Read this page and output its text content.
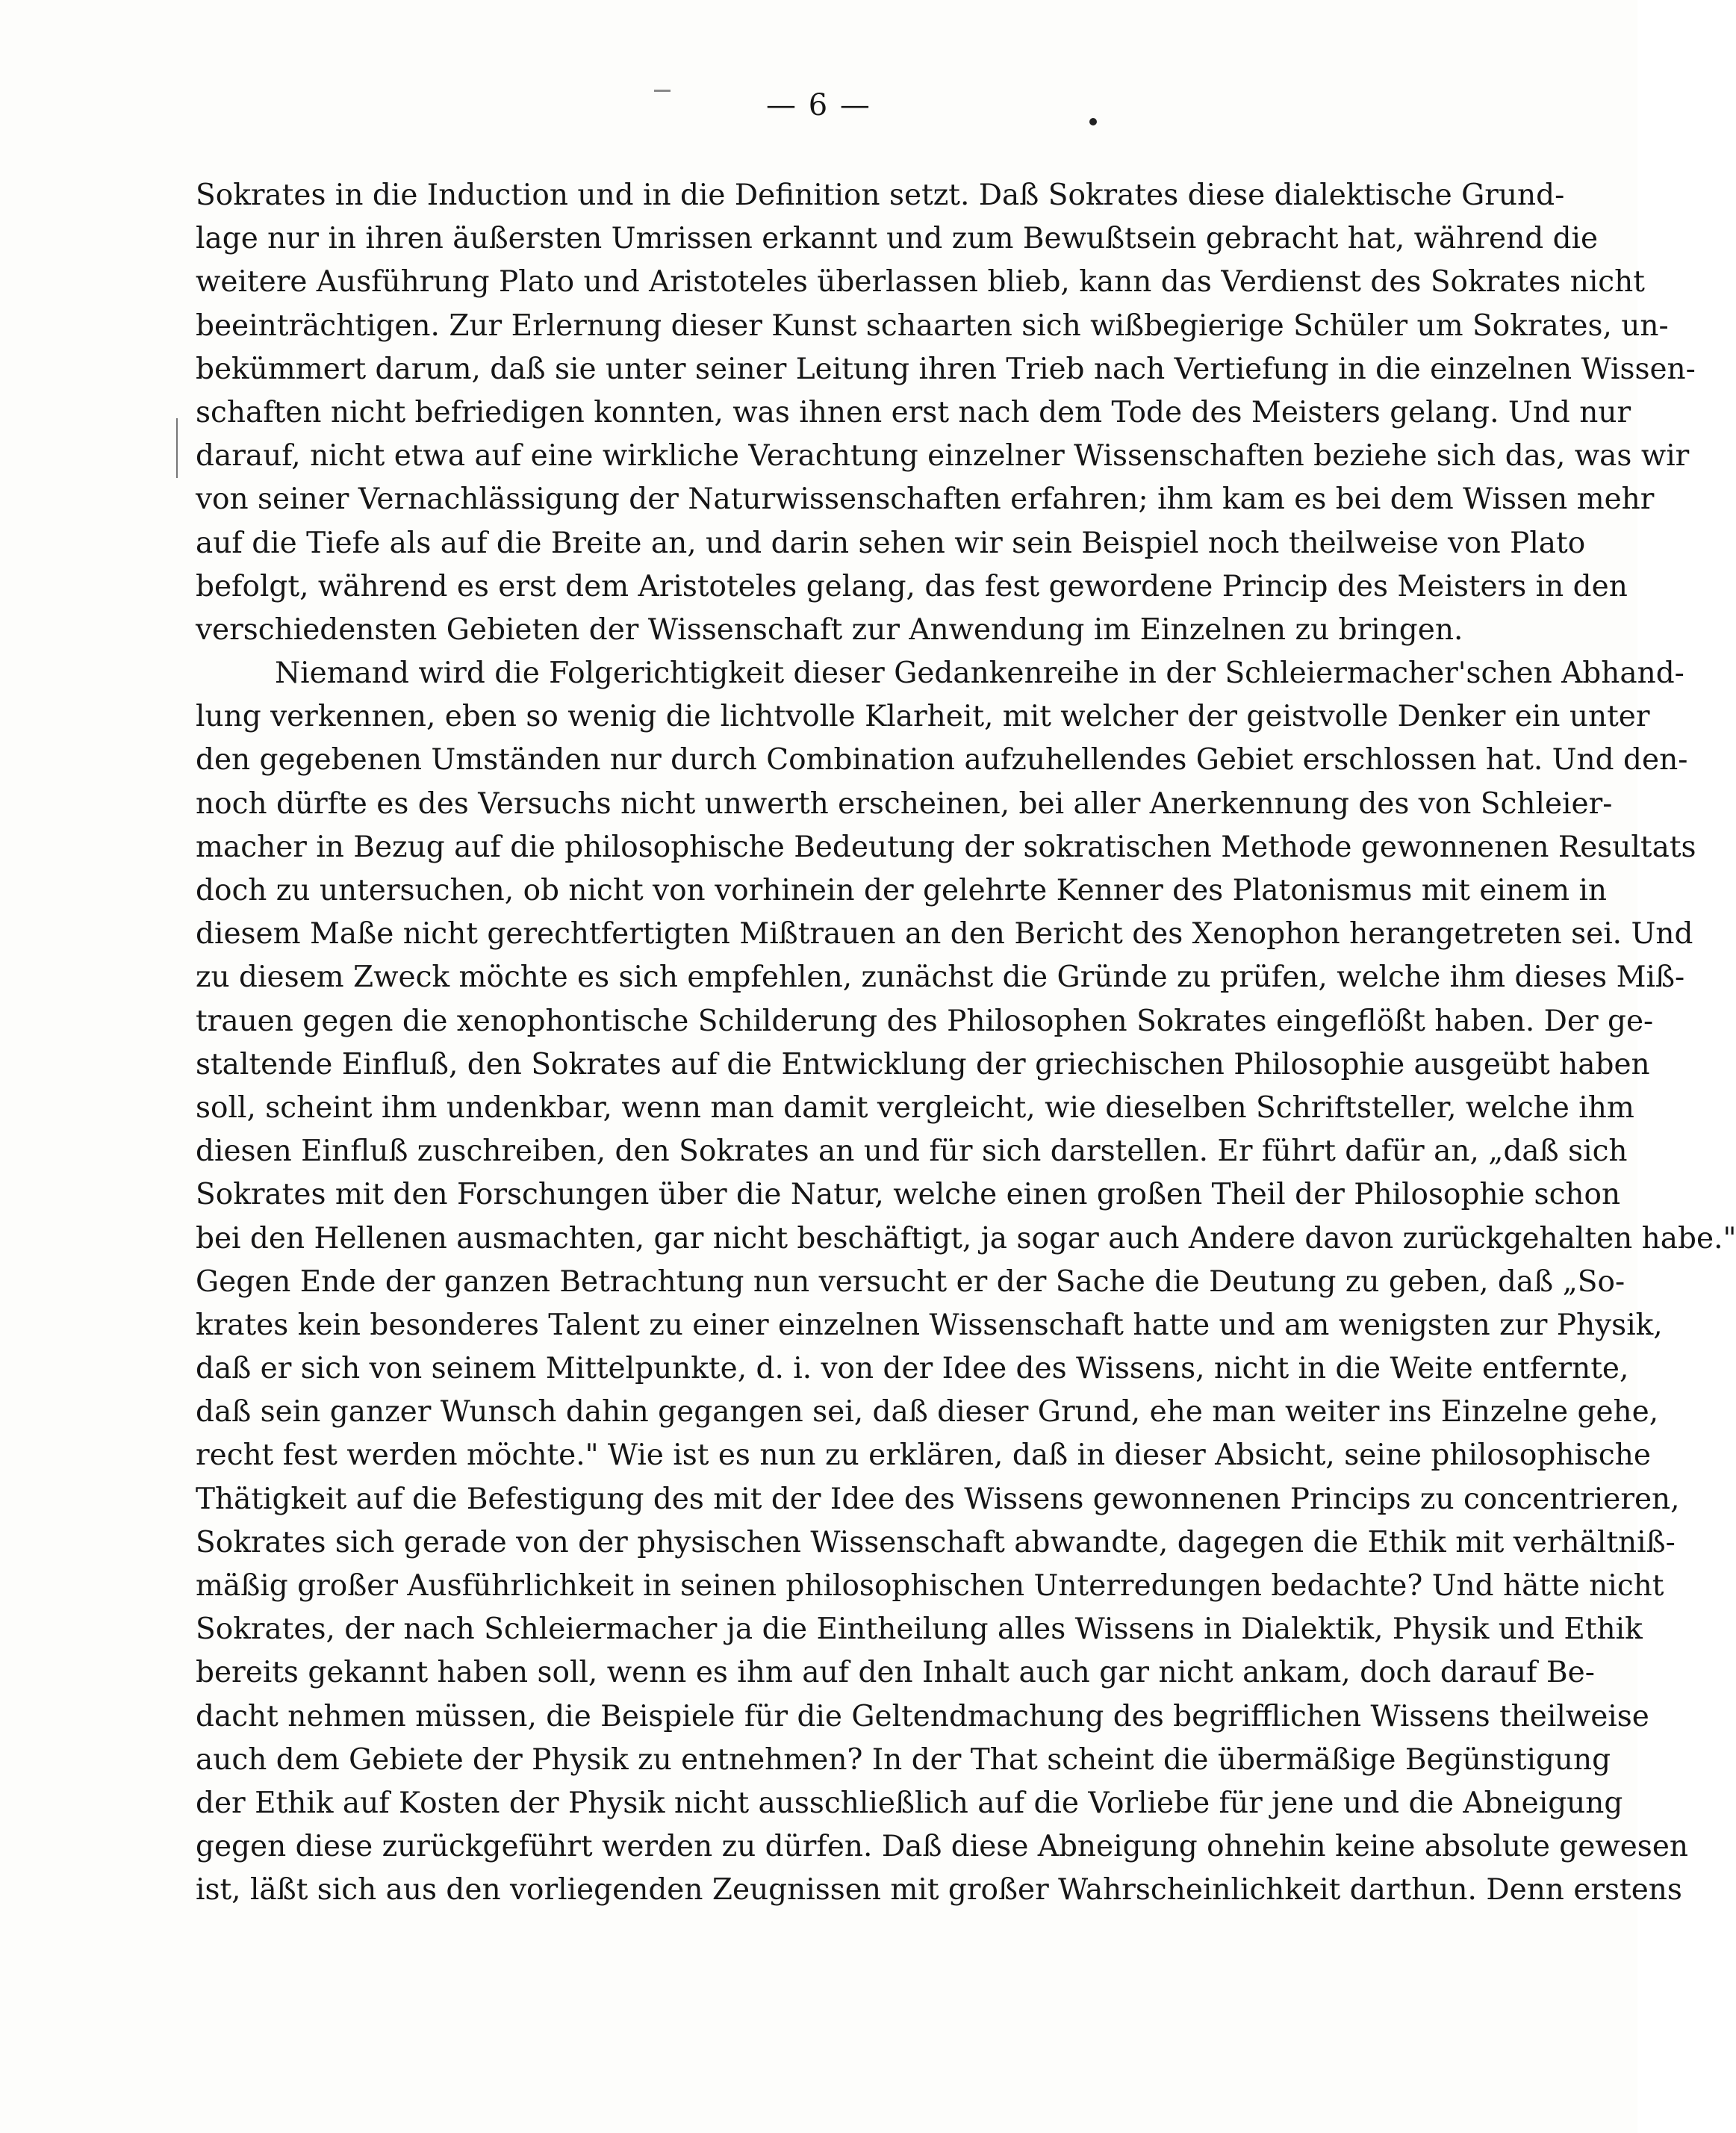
— 6 —
Sokrates in die Induction und in die Definition setzt. Daß Sokrates diese dialektische Grund-
lage nur in ihren äußersten Umrissen erkannt und zum Bewußtsein gebracht hat, während die
weitere Ausführung Plato und Aristoteles überlassen blieb, kann das Verdienst des Sokrates nicht
beeinträchtigen. Zur Erlernung dieser Kunst schaarten sich wißbegierige Schüler um Sokrates, un-
bekümmert darum, daß sie unter seiner Leitung ihren Trieb nach Vertiefung in die einzelnen Wissen-
schaften nicht befriedigen konnten, was ihnen erst nach dem Tode des Meisters gelang. Und nur
darauf, nicht etwa auf eine wirkliche Verachtung einzelner Wissenschaften beziehe sich das, was wir
von seiner Vernachlässigung der Naturwissenschaften erfahren; ihm kam es bei dem Wissen mehr
auf die Tiefe als auf die Breite an, und darin sehen wir sein Beispiel noch theilweise von Plato
befolgt, während es erst dem Aristoteles gelang, das fest gewordene Princip des Meisters in den
verschiedensten Gebieten der Wissenschaft zur Anwendung im Einzelnen zu bringen.
Niemand wird die Folgerichtigkeit dieser Gedankenreihe in der Schleiermacher'schen Abhand-
lung verkennen, eben so wenig die lichtvolle Klarheit, mit welcher der geistvolle Denker ein unter
den gegebenen Umständen nur durch Combination aufzuhellendes Gebiet erschlossen hat. Und den-
noch dürfte es des Versuchs nicht unwerth erscheinen, bei aller Anerkennung des von Schleier-
macher in Bezug auf die philosophische Bedeutung der sokratischen Methode gewonnenen Resultats
doch zu untersuchen, ob nicht von vorhinein der gelehrte Kenner des Platonismus mit einem in
diesem Maße nicht gerechtfertigten Mißtrauen an den Bericht des Xenophon herangetreten sei. Und
zu diesem Zweck möchte es sich empfehlen, zunächst die Gründe zu prüfen, welche ihm dieses Miß-
trauen gegen die xenophontische Schilderung des Philosophen Sokrates eingeflößt haben. Der ge-
staltende Einfluß, den Sokrates auf die Entwicklung der griechischen Philosophie ausgeübt haben
soll, scheint ihm undenkbar, wenn man damit vergleicht, wie dieselben Schriftsteller, welche ihm
diesen Einfluß zuschreiben, den Sokrates an und für sich darstellen. Er führt dafür an, „daß sich
Sokrates mit den Forschungen über die Natur, welche einen großen Theil der Philosophie schon
bei den Hellenen ausmachten, gar nicht beschäftigt, ja sogar auch Andere davon zurückgehalten habe."
Gegen Ende der ganzen Betrachtung nun versucht er der Sache die Deutung zu geben, daß „So-
krates kein besonderes Talent zu einer einzelnen Wissenschaft hatte und am wenigsten zur Physik,
daß er sich von seinem Mittelpunkte, d. i. von der Idee des Wissens, nicht in die Weite entfernte,
daß sein ganzer Wunsch dahin gegangen sei, daß dieser Grund, ehe man weiter ins Einzelne gehe,
recht fest werden möchte." Wie ist es nun zu erklären, daß in dieser Absicht, seine philosophische
Thätigkeit auf die Befestigung des mit der Idee des Wissens gewonnenen Princips zu concentrieren,
Sokrates sich gerade von der physischen Wissenschaft abwandte, dagegen die Ethik mit verhältniß-
mäßig großer Ausführlichkeit in seinen philosophischen Unterredungen bedachte? Und hätte nicht
Sokrates, der nach Schleiermacher ja die Eintheilung alles Wissens in Dialektik, Physik und Ethik
bereits gekannt haben soll, wenn es ihm auf den Inhalt auch gar nicht ankam, doch darauf Be-
dacht nehmen müssen, die Beispiele für die Geltendmachung des begrifflichen Wissens theilweise
auch dem Gebiete der Physik zu entnehmen? In der That scheint die übermäßige Begünstigung
der Ethik auf Kosten der Physik nicht ausschließlich auf die Vorliebe für jene und die Abneigung
gegen diese zurückgeführt werden zu dürfen. Daß diese Abneigung ohnehin keine absolute gewesen
ist, läßt sich aus den vorliegenden Zeugnissen mit großer Wahrscheinlichkeit darthun. Denn erstens
